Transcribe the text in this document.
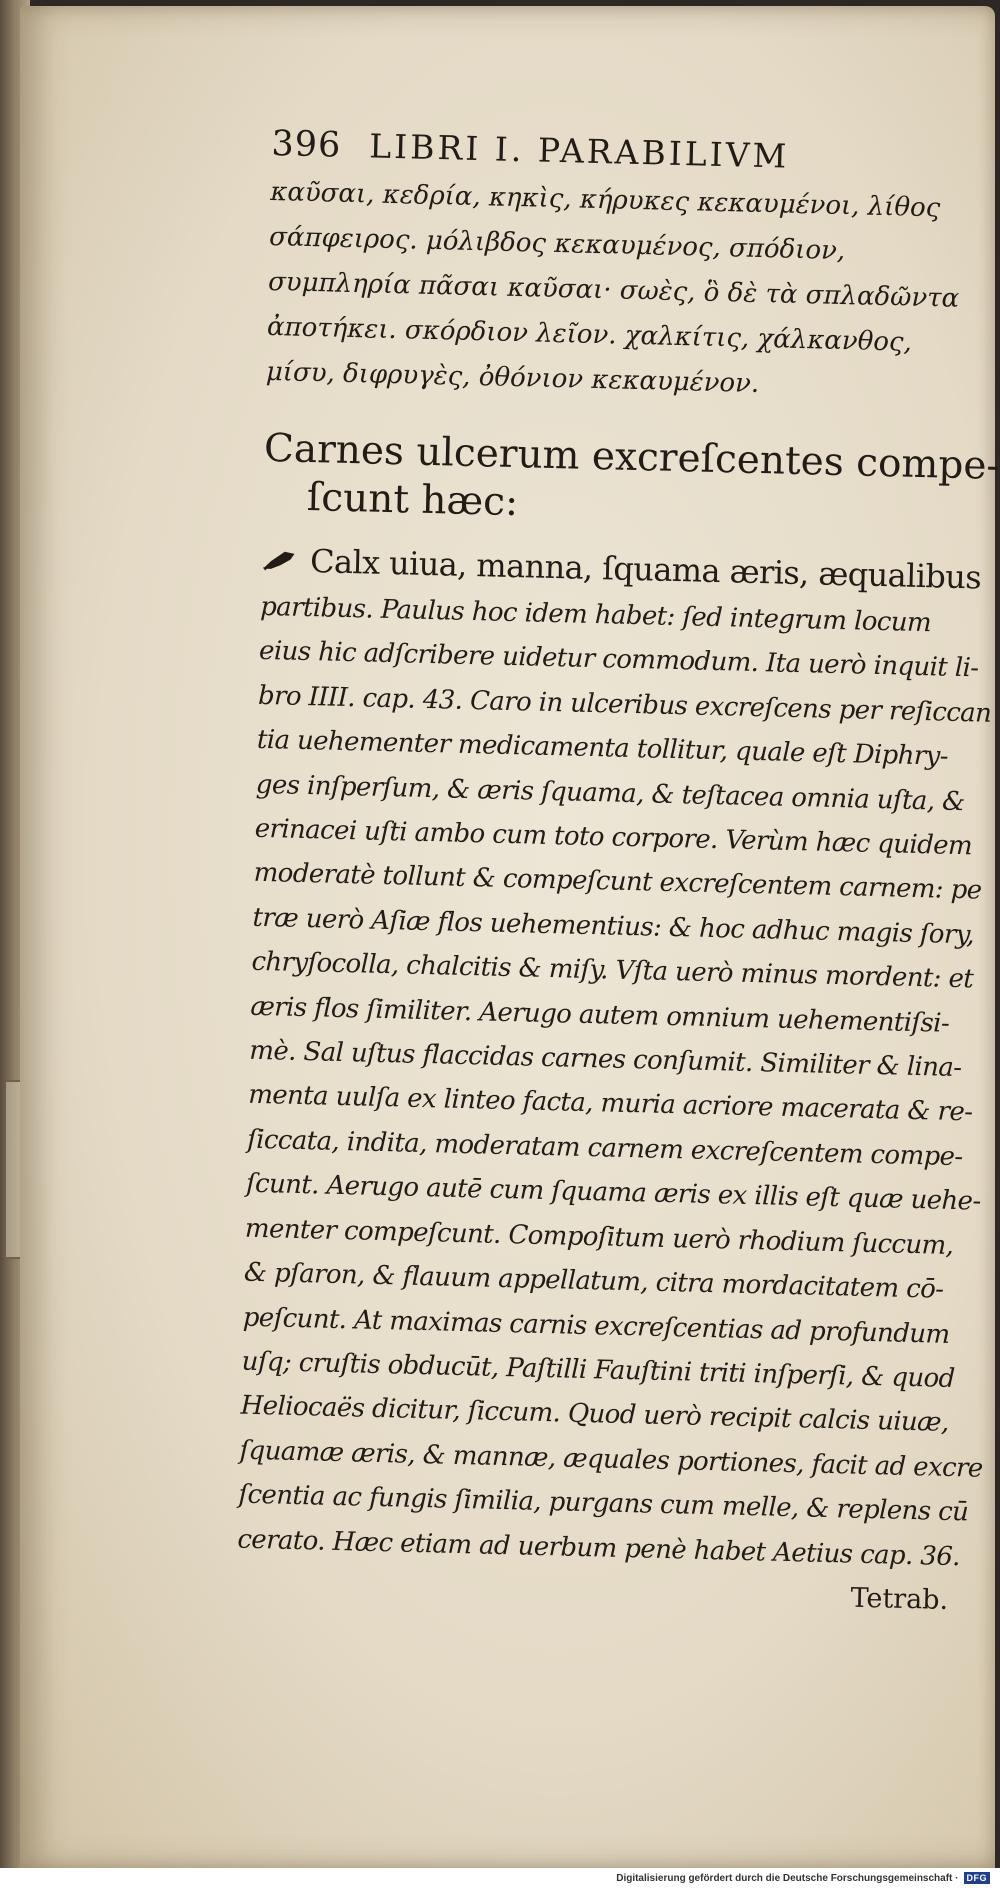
396 LIBRI I. PARABILIVM
καῦσαι, κεδρία, κηκὶς, κήρυκες κεκαυμένοι, λίθος
σάπφειρος. μόλιβδος κεκαυμένος, σπόδιον,
συμπληρία πᾶσαι καῦσαι· σωὲς, ὃ δὲ τὰ σπλαδῶντα
ἀποτήκει. σκόρδιον λεῖον. χαλκίτις, χάλκανθος,
μίσυ, διφρυγὲς, ὀθόνιον κεκαυμένον.
Carnes ulcerum excreſcentes compe-
ſcunt hæc:
Calx uiua, manna, ſquama æris, æqualibus
partibus. Paulus hoc idem habet: ſed integrum locum
eius hic adſcribere uidetur commodum. Ita uerò inquit li-
bro IIII. cap. 43. Caro in ulceribus excreſcens per reſiccan
tia uehementer medicamenta tollitur, quale eſt Diphry-
ges inſperſum, & æris ſquama, & teſtacea omnia uſta, &
erinacei uſti ambo cum toto corpore. Verùm hæc quidem
moderatè tollunt & compeſcunt excreſcentem carnem: pe
træ uerò Aſiæ flos uehementius: & hoc adhuc magis ſory,
chryſocolla, chalcitis & miſy. Vſta uerò minus mordent: et
æris flos ſimiliter. Aerugo autem omnium uehementiſsi-
mè. Sal uſtus flaccidas carnes conſumit. Similiter & lina-
menta uulſa ex linteo facta, muria acriore macerata & re-
ſiccata, indita, moderatam carnem excreſcentem compe-
ſcunt. Aerugo autē cum ſquama æris ex illis eſt quæ uehe-
menter compeſcunt. Compoſitum uerò rhodium ſuccum,
& pſaron, & flauum appellatum, citra mordacitatem cō-
peſcunt. At maximas carnis excreſcentias ad profundum
uſq; cruſtis obducūt, Paſtilli Fauſtini triti inſperſi, & quod
Heliocaës dicitur, ſiccum. Quod uerò recipit calcis uiuæ,
ſquamæ æris, & mannæ, æquales portiones, facit ad excre
ſcentia ac fungis ſimilia, purgans cum melle, & replens cū
cerato. Hæc etiam ad uerbum penè habet Aetius cap. 36.
Tetrab.
Digitalisierung gefördert durch die Deutsche Forschungsgemeinschaft · DFG
